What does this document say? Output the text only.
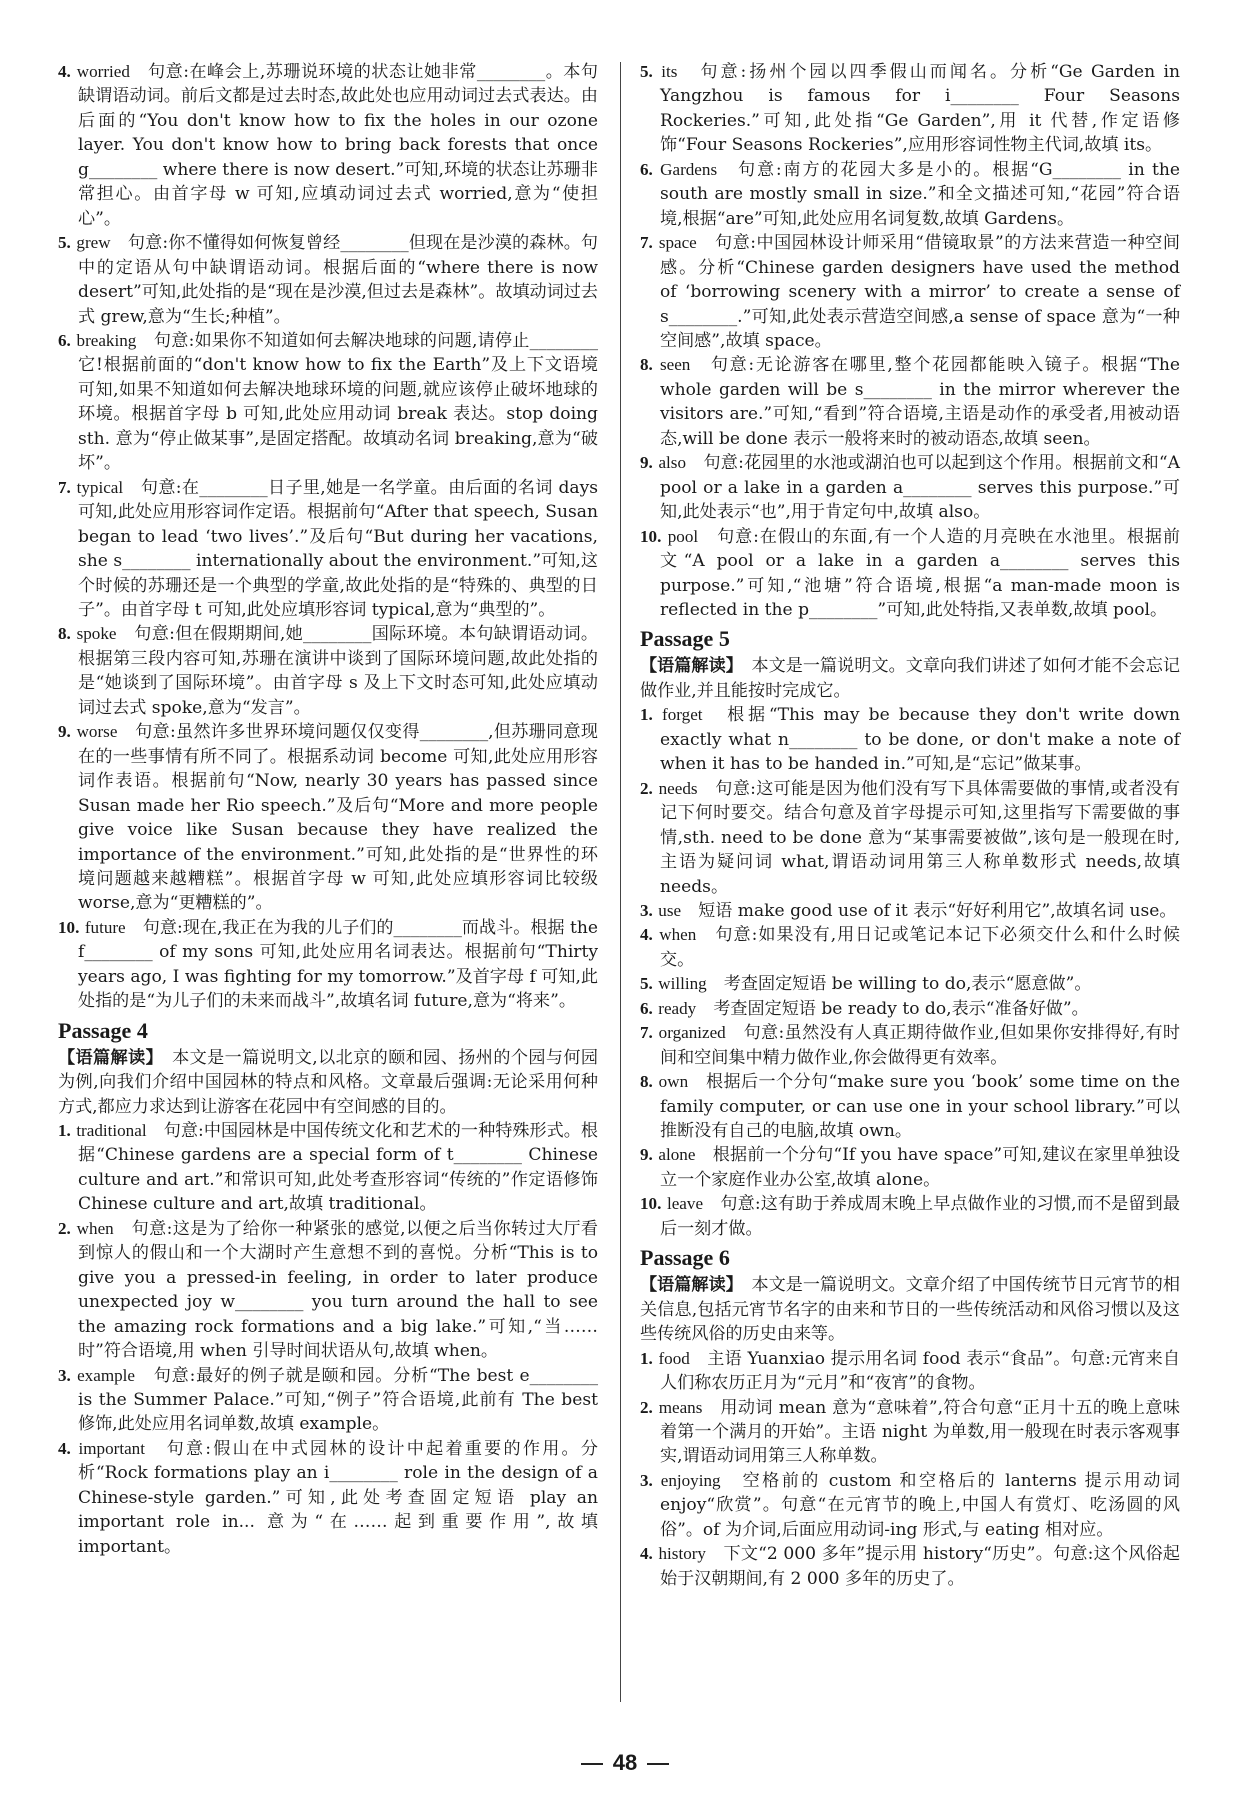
4. worried　 句意:在峰会上,苏珊说环境的状态让她非常________。本句缺谓语动词。前后文都是过去时态,故此处也应用动词过去式表达。由后面的“You don't know how to fix the holes in our ozone layer. You don't know how to bring back forests that once g________ where there is now desert.”可知,环境的状态让苏珊非常担心。由首字母 w 可知,应填动词过去式 worried,意为“使担心”。

5. grew　 句意:你不懂得如何恢复曾经________但现在是沙漠的森林。句中的定语从句中缺谓语动词。根据后面的“where there is now desert”可知,此处指的是“现在是沙漠,但过去是森林”。故填动词过去式 grew,意为“生长;种植”。

6. breaking　 句意:如果你不知道如何去解决地球的问题,请停止________它!根据前面的“don't know how to fix the Earth”及上下文语境可知,如果不知道如何去解决地球环境的问题,就应该停止破坏地球的环境。根据首字母 b 可知,此处应用动词 break 表达。stop doing sth. 意为“停止做某事”,是固定搭配。故填动名词 breaking,意为“破坏”。

7. typical　 句意:在________日子里,她是一名学童。由后面的名词 days 可知,此处应用形容词作定语。根据前句“After that speech, Susan began to lead ‘two lives’.”及后句“But during her vacations, she s________ internationally about the environment.”可知,这个时候的苏珊还是一个典型的学童,故此处指的是“特殊的、典型的日子”。由首字母 t 可知,此处应填形容词 typical,意为“典型的”。

8. spoke　 句意:但在假期期间,她________国际环境。本句缺谓语动词。根据第三段内容可知,苏珊在演讲中谈到了国际环境问题,故此处指的是“她谈到了国际环境”。由首字母 s 及上下文时态可知,此处应填动词过去式 spoke,意为“发言”。

9. worse　 句意:虽然许多世界环境问题仅仅变得________,但苏珊同意现在的一些事情有所不同了。根据系动词 become 可知,此处应用形容词作表语。根据前句“Now, nearly 30 years has passed since Susan made her Rio speech.”及后句“More and more people give voice like Susan because they have realized the importance of the environment.”可知,此处指的是“世界性的环境问题越来越糟糕”。根据首字母 w 可知,此处应填形容词比较级 worse,意为“更糟糕的”。

10. future　 句意:现在,我正在为我的儿子们的________而战斗。根据 the f________ of my sons 可知,此处应用名词表达。根据前句“Thirty years ago, I was fighting for my tomorrow.”及首字母 f 可知,此处指的是“为儿子们的未来而战斗”,故填名词 future,意为“将来”。

Passage 4

【语篇解读】　 本文是一篇说明文,以北京的颐和园、扬州的个园与何园为例,向我们介绍中国园林的特点和风格。文章最后强调:无论采用何种方式,都应力求达到让游客在花园中有空间感的目的。

1. traditional　 句意:中国园林是中国传统文化和艺术的一种特殊形式。根据“Chinese gardens are a special form of t________ Chinese culture and art.”和常识可知,此处考查形容词“传统的”作定语修饰 Chinese culture and art,故填 traditional。

2. when　 句意:这是为了给你一种紧张的感觉,以便之后当你转过大厅看到惊人的假山和一个大湖时产生意想不到的喜悦。分析“This is to give you a pressed-in feeling, in order to later produce unexpected joy w________ you turn around the hall to see the amazing rock formations and a big lake.”可知,“当……时”符合语境,用 when 引导时间状语从句,故填 when。

3. example　 句意:最好的例子就是颐和园。分析“The best e________ is the Summer Palace.”可知,“例子”符合语境,此前有 The best 修饰,此处应用名词单数,故填 example。

4. important　 句意:假山在中式园林的设计中起着重要的作用。分析“Rock formations play an i________ role in the design of a Chinese-style garden.”可知,此处考查固定短语 play an important role in... 意为“在……起到重要作用”,故填 important。

5. its　 句意:扬州个园以四季假山而闻名。分析“Ge Garden in Yangzhou is famous for i________ Four Seasons Rockeries.”可知,此处指“Ge Garden”,用 it 代替,作定语修饰“Four Seasons Rockeries”,应用形容词性物主代词,故填 its。

6. Gardens　 句意:南方的花园大多是小的。根据“G________ in the south are mostly small in size.”和全文描述可知,“花园”符合语境,根据“are”可知,此处应用名词复数,故填 Gardens。

7. space　 句意:中国园林设计师采用“借镜取景”的方法来营造一种空间感。分析“Chinese garden designers have used the method of ‘borrowing scenery with a mirror’ to create a sense of s________.”可知,此处表示营造空间感,a sense of space 意为“一种空间感”,故填 space。

8. seen　 句意:无论游客在哪里,整个花园都能映入镜子。根据“The whole garden will be s________ in the mirror wherever the visitors are.”可知,“看到”符合语境,主语是动作的承受者,用被动语态,will be done 表示一般将来时的被动语态,故填 seen。

9. also　 句意:花园里的水池或湖泊也可以起到这个作用。根据前文和“A pool or a lake in a garden a________ serves this purpose.”可知,此处表示“也”,用于肯定句中,故填 also。

10. pool　 句意:在假山的东面,有一个人造的月亮映在水池里。根据前文“A pool or a lake in a garden a________ serves this purpose.”可知,“池塘”符合语境,根据“a man-made moon is reflected in the p________”可知,此处特指,又表单数,故填 pool。

Passage 5

【语篇解读】　 本文是一篇说明文。文章向我们讲述了如何才能不会忘记做作业,并且能按时完成它。

1. forget　 根据“This may be because they don't write down exactly what n________ to be done, or don't make a note of when it has to be handed in.”可知,是“忘记”做某事。

2. needs　 句意:这可能是因为他们没有写下具体需要做的事情,或者没有记下何时要交。结合句意及首字母提示可知,这里指写下需要做的事情,sth. need to be done 意为“某事需要被做”,该句是一般现在时,主语为疑问词 what,谓语动词用第三人称单数形式 needs,故填 needs。

3. use　 短语 make good use of it 表示“好好利用它”,故填名词 use。

4. when　 句意:如果没有,用日记或笔记本记下必须交什么和什么时候交。

5. willing　 考查固定短语 be willing to do,表示“愿意做”。

6. ready　 考查固定短语 be ready to do,表示“准备好做”。

7. organized　 句意:虽然没有人真正期待做作业,但如果你安排得好,有时间和空间集中精力做作业,你会做得更有效率。

8. own　 根据后一个分句“make sure you ‘book’ some time on the family computer, or can use one in your school library.”可以推断没有自己的电脑,故填 own。

9. alone　 根据前一个分句“If you have space”可知,建议在家里单独设立一个家庭作业办公室,故填 alone。

10. leave　 句意:这有助于养成周末晚上早点做作业的习惯,而不是留到最后一刻才做。

Passage 6

【语篇解读】　 本文是一篇说明文。文章介绍了中国传统节日元宵节的相关信息,包括元宵节名字的由来和节日的一些传统活动和风俗习惯以及这些传统风俗的历史由来等。

1. food　 主语 Yuanxiao 提示用名词 food 表示“食品”。句意:元宵来自人们称农历正月为“元月”和“夜宵”的食物。

2. means　 用动词 mean 意为“意味着”,符合句意“正月十五的晚上意味着第一个满月的开始”。主语 night 为单数,用一般现在时表示客观事实,谓语动词用第三人称单数。

3. enjoying　 空格前的 custom 和空格后的 lanterns 提示用动词 enjoy“欣赏”。句意“在元宵节的晚上,中国人有赏灯、吃汤圆的风俗”。of 为介词,后面应用动词-ing 形式,与 eating 相对应。

4. history　 下文“2 000 多年”提示用 history“历史”。句意:这个风俗起始于汉朝期间,有 2 000 多年的历史了。

48
